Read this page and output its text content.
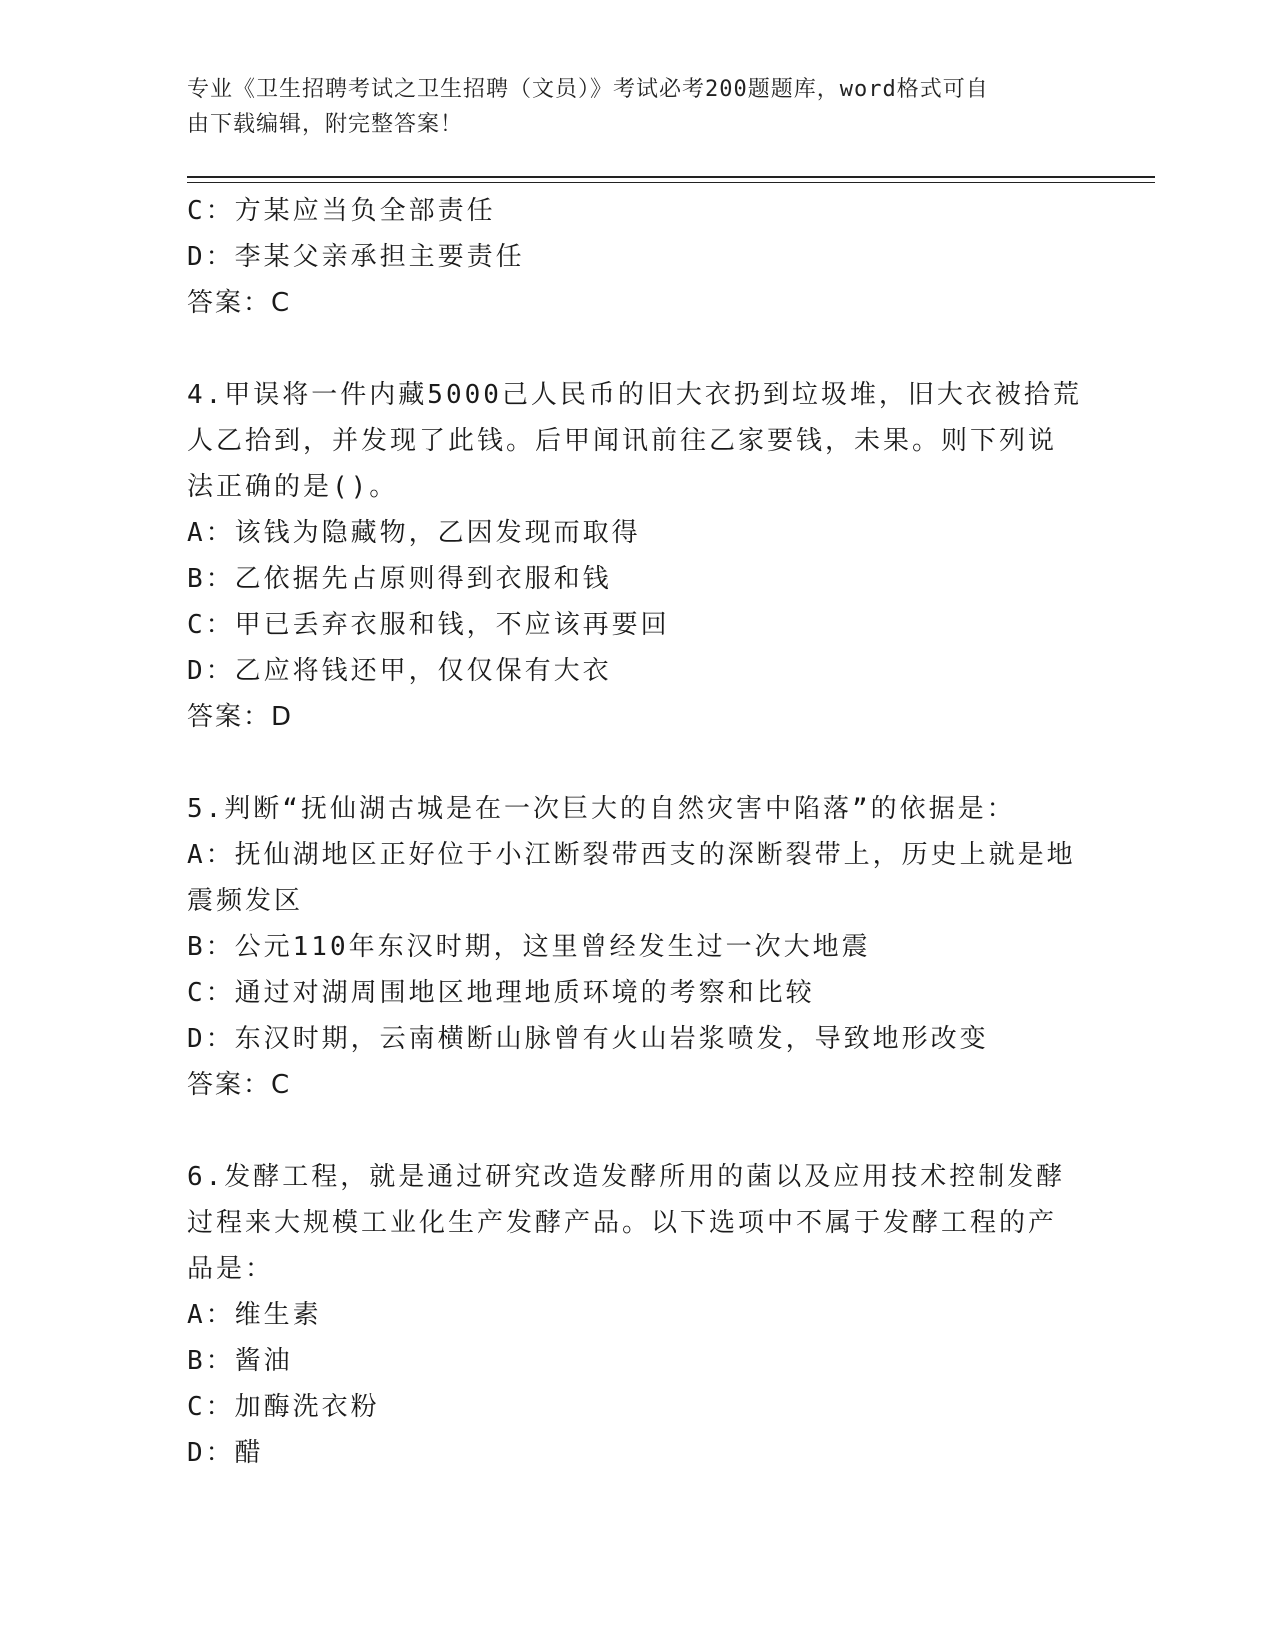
专业《卫生招聘考试之卫生招聘（文员）》考试必考200题题库，word格式可自
由下载编辑，附完整答案！
C：方某应当负全部责任
D：李某父亲承担主要责任
答案：C
4.甲误将一件内藏5000己人民币的旧大衣扔到垃圾堆，旧大衣被拾荒
人乙拾到，并发现了此钱。后甲闻讯前往乙家要钱，未果。则下列说
法正确的是()。
A：该钱为隐藏物，乙因发现而取得
B：乙依据先占原则得到衣服和钱
C：甲已丢弃衣服和钱，不应该再要回
D：乙应将钱还甲，仅仅保有大衣
答案：D
5.判断“抚仙湖古城是在一次巨大的自然灾害中陷落”的依据是：
A：抚仙湖地区正好位于小江断裂带西支的深断裂带上，历史上就是地
震频发区
B：公元110年东汉时期，这里曾经发生过一次大地震
C：通过对湖周围地区地理地质环境的考察和比较
D：东汉时期，云南横断山脉曾有火山岩浆喷发，导致地形改变
答案：C
6.发酵工程，就是通过研究改造发酵所用的菌以及应用技术控制发酵
过程来大规模工业化生产发酵产品。以下选项中不属于发酵工程的产
品是：
A：维生素
B：酱油
C：加酶洗衣粉
D：醋
